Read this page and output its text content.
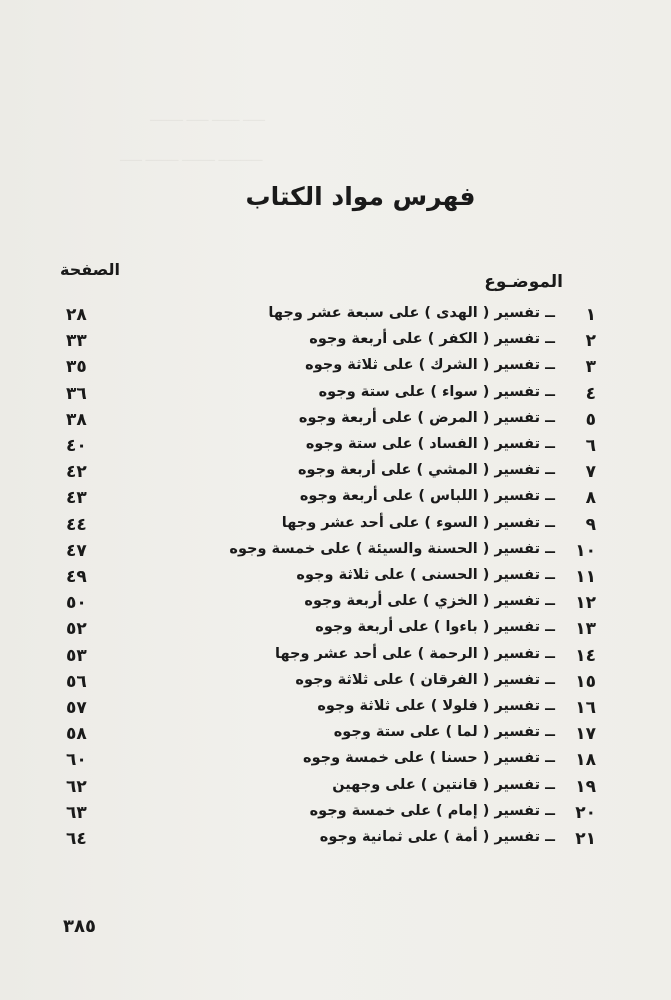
____ _____ ____ ______
________ ______ ______ ____
فهرس مواد الكتاب
الصفحة
الموضـوع
٢٨	ــ تفسير ( الهدى ) على سبعة عشر وجها	١
٣٣	ــ تفسير ( الكفر ) على أربعة وجوه	٢
٣٥	ــ تفسير ( الشرك ) على ثلاثة وجوه	٣
٣٦	ــ تفسير ( سواء ) على ستة وجوه	٤
٣٨	ــ تفسير ( المرض ) على أربعة وجوه	٥
٤٠	ــ تفسير ( الفساد ) على ستة وجوه	٦
٤٢	ــ تفسير ( المشي ) على أربعة وجوه	٧
٤٣	ــ تفسير ( اللباس ) على أربعة وجوه	٨
٤٤	ــ تفسير ( السوء ) على أحد عشر وجها	٩
٤٧	ــ تفسير ( الحسنة والسيئة ) على خمسة وجوه	١٠
٤٩	ــ تفسير ( الحسنى ) على ثلاثة وجوه	١١
٥٠	ــ تفسير ( الخزي ) على أربعة وجوه	١٢
٥٢	ــ تفسير ( باءوا ) على أربعة وجوه	١٣
٥٣	ــ تفسير ( الرحمة ) على أحد عشر وجها	١٤
٥٦	ــ تفسير ( الفرقان ) على ثلاثة وجوه	١٥
٥٧	ــ تفسير ( فلولا ) على ثلاثة وجوه	١٦
٥٨	ــ تفسير ( لما ) على ستة وجوه	١٧
٦٠	ــ تفسير ( حسنا ) على خمسة وجوه	١٨
٦٢	ــ تفسير ( قانتين ) على وجهين	١٩
٦٣	ــ تفسير ( إمام ) على خمسة وجوه	٢٠
٦٤	ــ تفسير ( أمة ) على ثمانية وجوه	٢١
٣٨٥
